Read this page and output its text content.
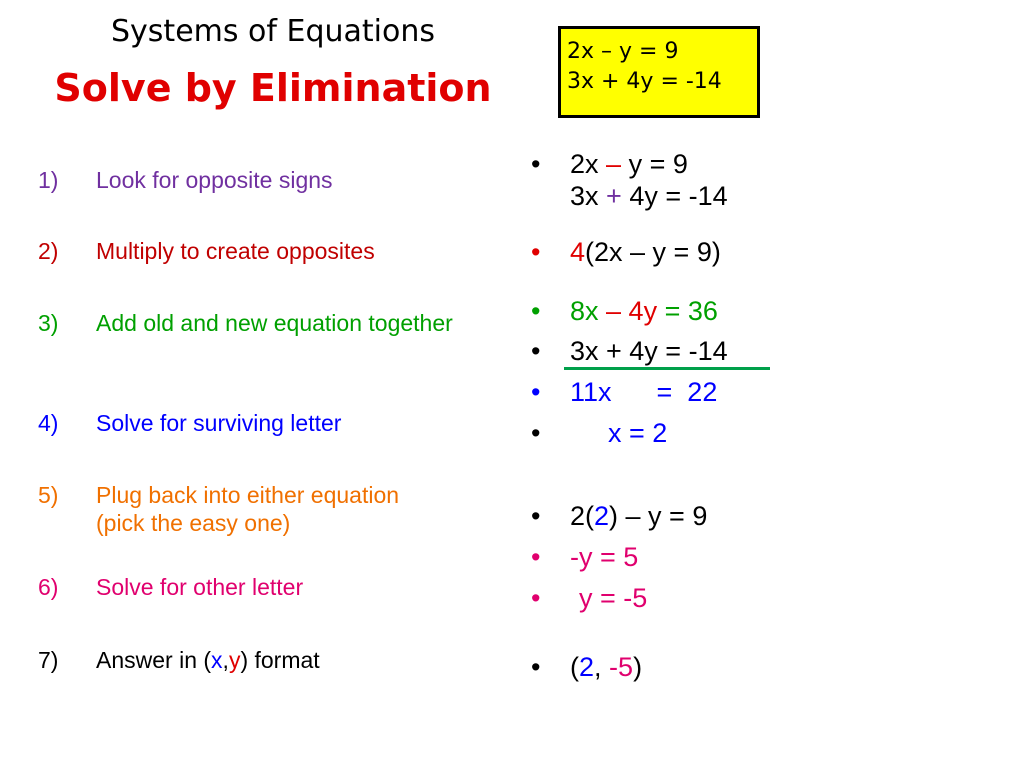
Systems of Equations
Solve by Elimination
2x – y = 9
3x + 4y = -14
1)	Look for opposite signs
2)	Multiply to create opposites
3)	Add old and new equation together
4)	Solve for surviving letter
5)	Plug back into either equation (pick the easy one)
6)	Solve for other letter
7)	Answer in (x,y) format
• 2x – y = 9
3x + 4y = -14
• 4(2x – y = 9)
• 8x – 4y = 36
• 3x + 4y = -14
• 11x      =  22
•	x = 2
• 2(2) – y = 9
• -y = 5
• y = -5
• (2, -5)
